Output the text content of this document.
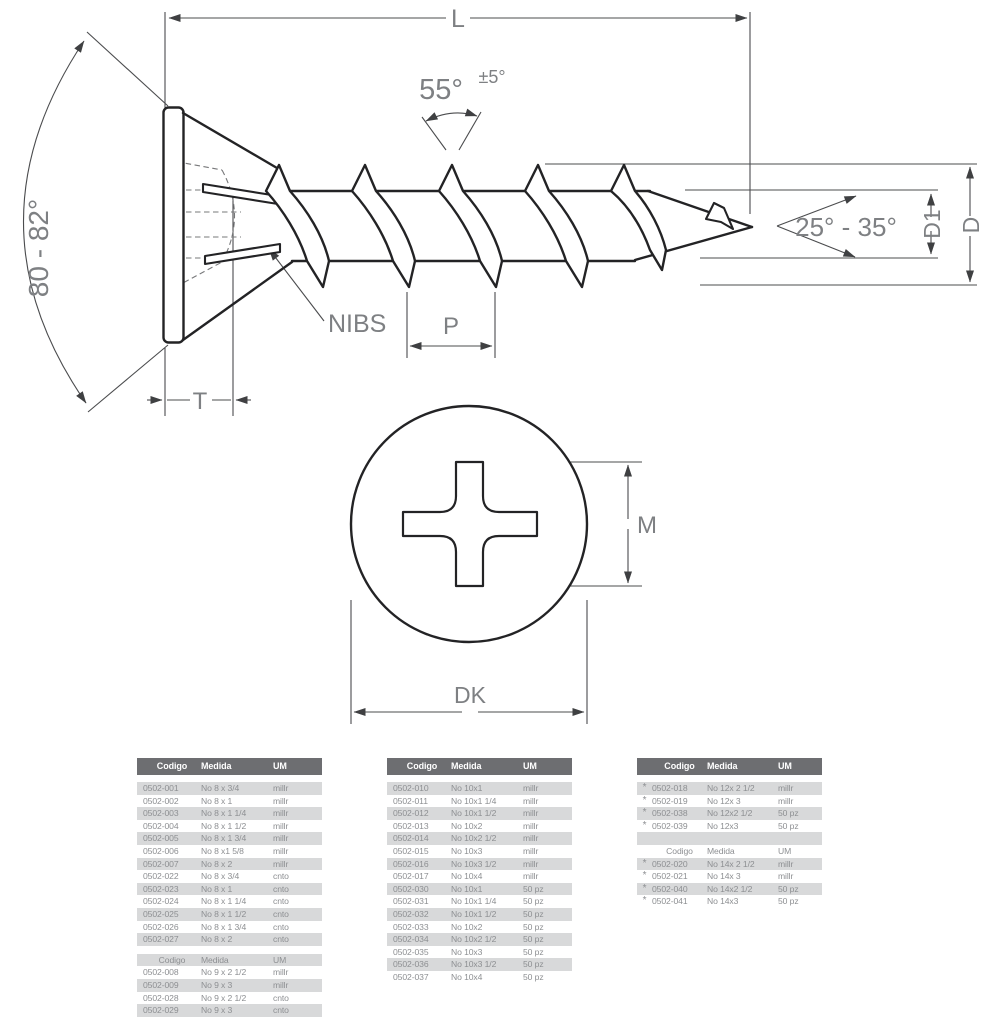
L
55° ±5°
80 - 82°	25° - 35° D1 D
NIBS P
T
M
DK
Codigo	Medida	UM
0502-001	No 8 x 3/4	millr
0502-002	No 8 x 1	millr
0502-003	No 8 x 1 1/4	millr
0502-004	No 8 x 1 1/2	millr
0502-005	No 8 x 1 3/4	millr
0502-006	No 8 x1 5/8	millr
0502-007	No 8 x 2	millr
0502-022	No 8 x 3/4	cnto
0502-023	No 8 x 1	cnto
0502-024	No 8 x 1 1/4	cnto
0502-025	No 8 x 1 1/2	cnto
0502-026	No 8 x 1 3/4	cnto
0502-027	No 8 x 2	cnto
Codigo	Medida	UM
0502-008	No 9 x 2 1/2	millr
0502-009	No 9 x 3	millr
0502-028	No 9 x 2 1/2	cnto
0502-029	No 9 x 3	cnto
Codigo	Medida	UM
0502-010	No 10x1	millr
0502-011	No 10x1 1/4	millr
0502-012	No 10x1 1/2	millr
0502-013	No 10x2	millr
0502-014	No 10x2 1/2	millr
0502-015	No 10x3	millr
0502-016	No 10x3 1/2	millr
0502-017	No 10x4	millr
0502-030	No 10x1	50 pz
0502-031	No 10x1 1/4	50 pz
0502-032	No 10x1 1/2	50 pz
0502-033	No 10x2	50 pz
0502-034	No 10x2 1/2	50 pz
0502-035	No 10x3	50 pz
0502-036	No 10x3 1/2	50 pz
0502-037	No 10x4	50 pz
Codigo	Medida	UM
* 0502-018	No 12x 2 1/2	millr
* 0502-019	No 12x 3	millr
* 0502-038	No 12x2 1/2	50 pz
* 0502-039	No 12x3	50 pz
Codigo	Medida	UM
* 0502-020	No 14x 2 1/2	millr
* 0502-021	No 14x 3	millr
* 0502-040	No 14x2 1/2	50 pz
* 0502-041	No 14x3	50 pz
